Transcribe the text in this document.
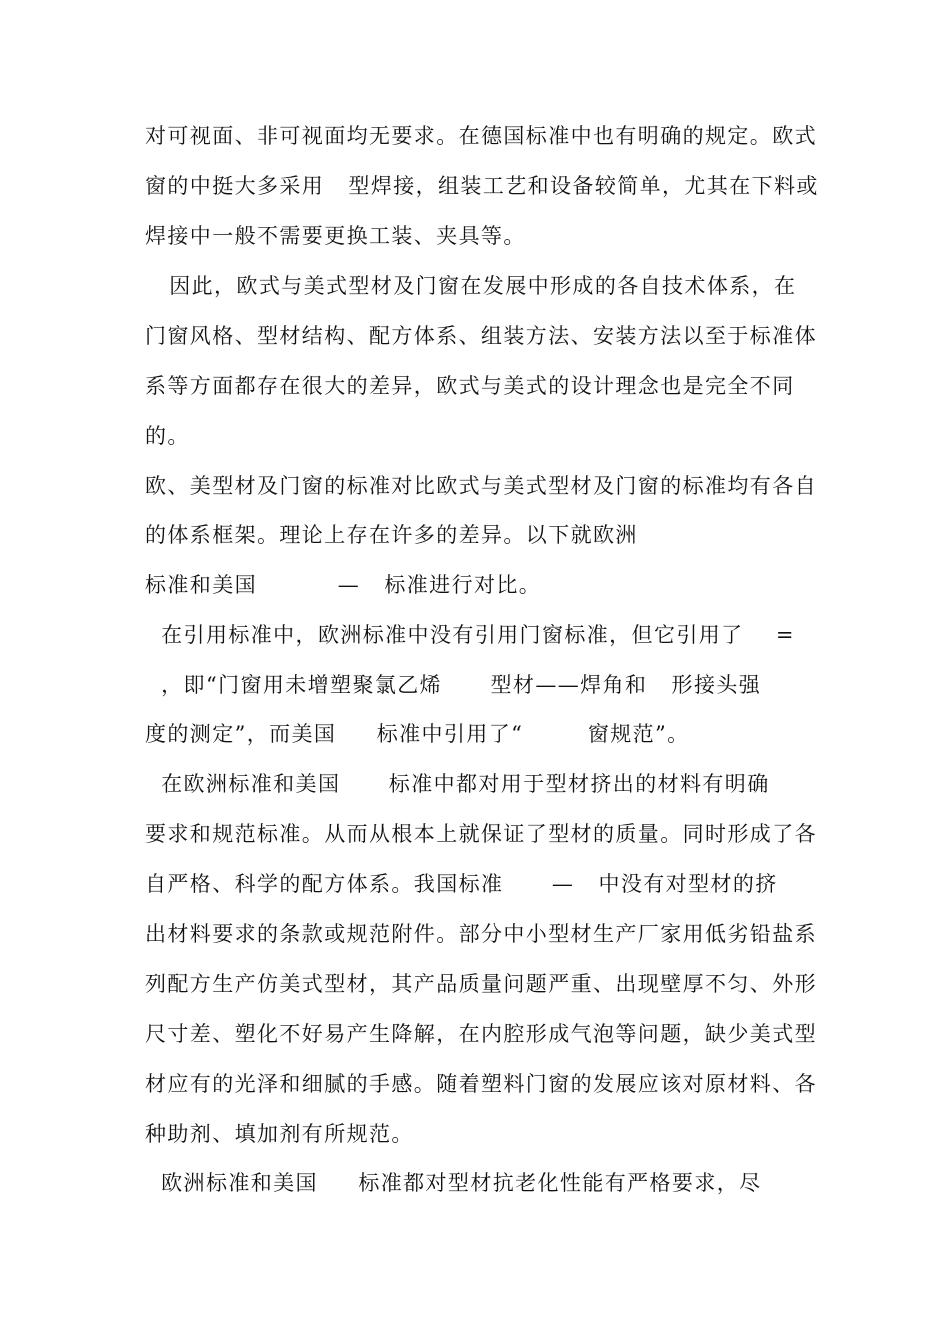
对可视面、非可视面均无要求。在德国标准中也有明确的规定。欧式
窗的中挺大多采用   型焊接，组装工艺和设备较简单，尤其在下料或
焊接中一般不需要更换工装、夹具等。
因此，欧式与美式型材及门窗在发展中形成的各自技术体系，在
门窗风格、型材结构、配方体系、组装方法、安装方法以至于标准体
系等方面都存在很大的差异，欧式与美式的设计理念也是完全不同
的。
欧、美型材及门窗的标准对比欧式与美式型材及门窗的标准均有各自
的体系框架。理论上存在许多的差异。以下就欧洲
标准和美国          —   标准进行对比。
在引用标准中，欧洲标准中没有引用门窗标准，但它引用了    =
，即“门窗用未增塑聚氯乙烯      型材——焊角和   形接头强
度的测定”，而美国     标准中引用了“        窗规范”。
在欧洲标准和美国      标准中都对用于型材挤出的材料有明确
要求和规范标准。从而从根本上就保证了型材的质量。同时形成了各
自严格、科学的配方体系。我国标准      —   中没有对型材的挤
出材料要求的条款或规范附件。部分中小型材生产厂家用低劣铅盐系
列配方生产仿美式型材，其产品质量问题严重、出现壁厚不匀、外形
尺寸差、塑化不好易产生降解，在内腔形成气泡等问题，缺少美式型
材应有的光泽和细腻的手感。随着塑料门窗的发展应该对原材料、各
种助剂、填加剂有所规范。
欧洲标准和美国     标准都对型材抗老化性能有严格要求，尽
